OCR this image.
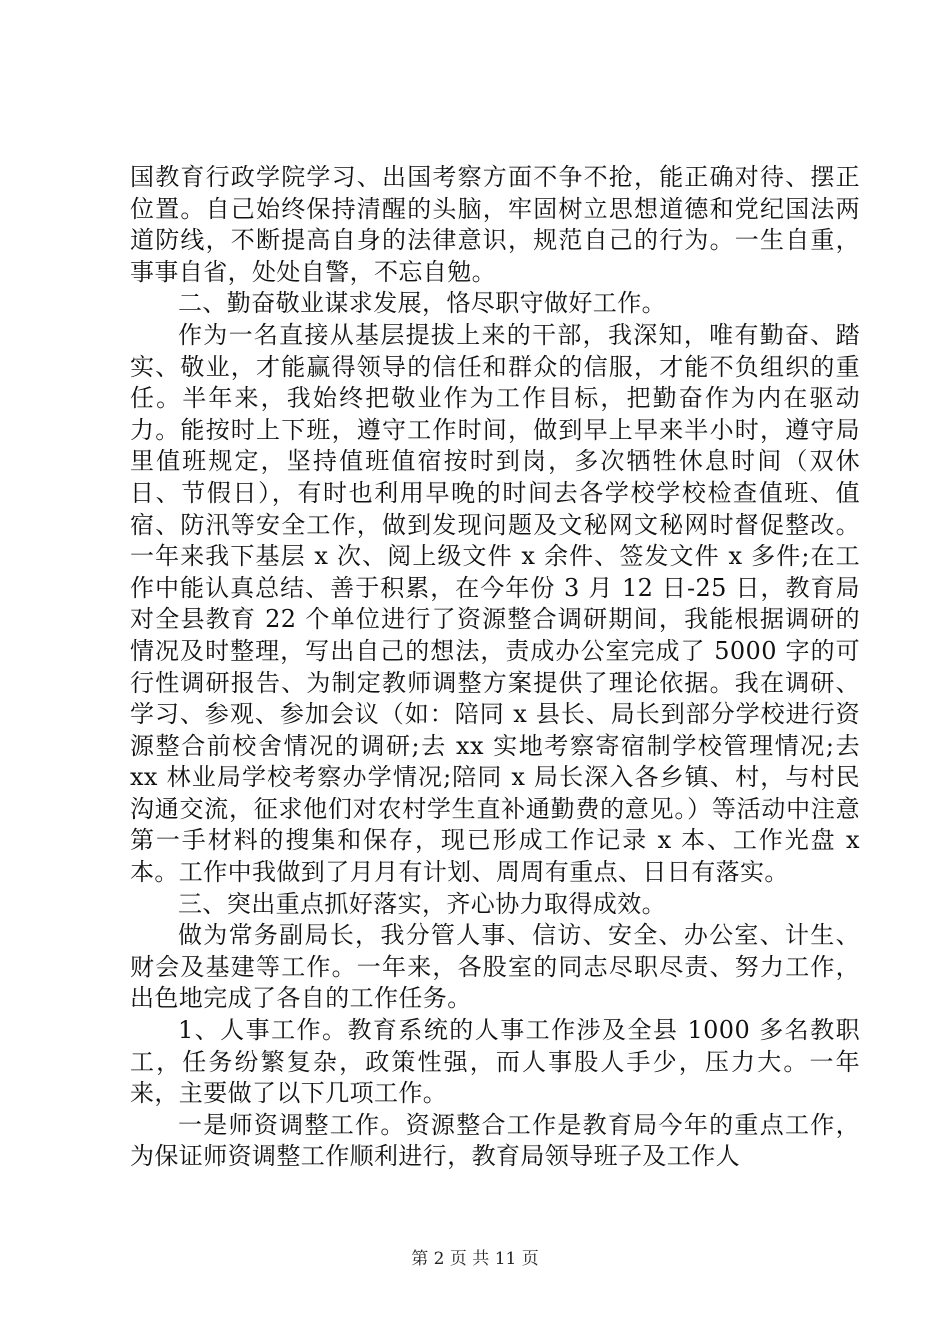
国教育行政学院学习、出国考察方面不争不抢，能正确对待、摆正位置。自己始终保持清醒的头脑，牢固树立思想道德和党纪国法两道防线，不断提高自身的法律意识，规范自己的行为。一生自重，事事自省，处处自警，不忘自勉。

二、勤奋敬业谋求发展，恪尽职守做好工作。

作为一名直接从基层提拔上来的干部，我深知，唯有勤奋、踏实、敬业，才能赢得领导的信任和群众的信服，才能不负组织的重任。半年来，我始终把敬业作为工作目标，把勤奋作为内在驱动力。能按时上下班，遵守工作时间，做到早上早来半小时，遵守局里值班规定，坚持值班值宿按时到岗，多次牺牲休息时间（双休日、节假日），有时也利用早晚的时间去各学校学校检查值班、值宿、防汛等安全工作，做到发现问题及文秘网文秘网时督促整改。一年来我下基层 x 次、阅上级文件 x 余件、签发文件 x 多件;在工作中能认真总结、善于积累，在今年份 3 月 12 日-25 日，教育局对全县教育 22 个单位进行了资源整合调研期间，我能根据调研的情况及时整理，写出自己的想法，责成办公室完成了 5000 字的可行性调研报告、为制定教师调整方案提供了理论依据。我在调研、学习、参观、参加会议（如：陪同 x 县长、局长到部分学校进行资源整合前校舍情况的调研;去 xx 实地考察寄宿制学校管理情况;去 xx 林业局学校考察办学情况;陪同 x 局长深入各乡镇、村，与村民沟通交流，征求他们对农村学生直补通勤费的意见。）等活动中注意第一手材料的搜集和保存，现已形成工作记录 x 本、工作光盘 x 本。工作中我做到了月月有计划、周周有重点、日日有落实。

三、突出重点抓好落实，齐心协力取得成效。

做为常务副局长，我分管人事、信访、安全、办公室、计生、财会及基建等工作。一年来，各股室的同志尽职尽责、努力工作，出色地完成了各自的工作任务。

1、人事工作。教育系统的人事工作涉及全县 1000 多名教职工，任务纷繁复杂，政策性强，而人事股人手少，压力大。一年来，主要做了以下几项工作。

一是师资调整工作。资源整合工作是教育局今年的重点工作，为保证师资调整工作顺利进行，教育局领导班子及工作人

第 2 页 共 11 页
